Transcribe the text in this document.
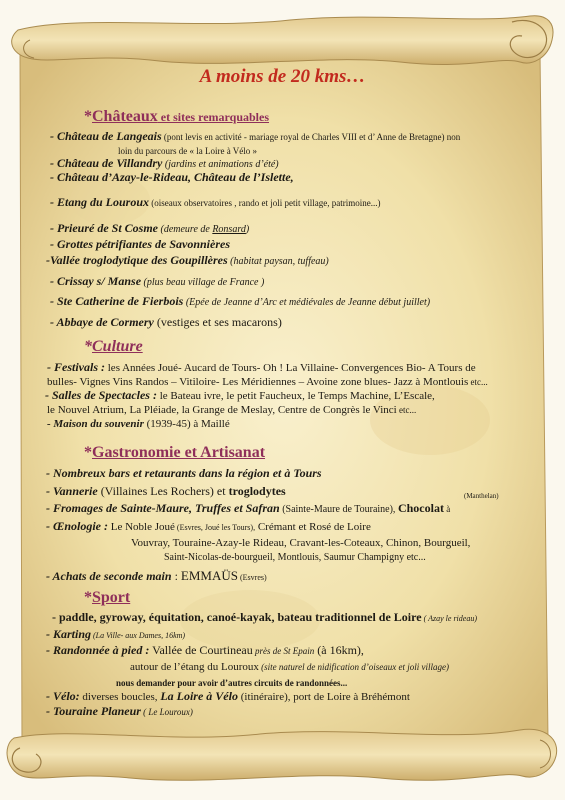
A moins de 20 kms…
*Châteaux et sites remarquables
- Château de Langeais (pont levis en activité - mariage royal de Charles VIII et d’ Anne de Bretagne) non
loin du parcours de « la Loire à Vélo »
- Château de Villandry (jardins et animations d’été)
- Château d’Azay-le-Rideau, Château de l’Islette,
- Etang du Louroux (oiseaux observatoires , rando et joli petit village, patrimoine...)
- Prieuré de St Cosme (demeure de Ronsard)
- Grottes pétrifiantes de Savonnières
-Vallée troglodytique des Goupillères (habitat paysan, tuffeau)
- Crissay s/ Manse (plus beau village de France )
- Ste Catherine de Fierbois (Epée de Jeanne d’Arc et médiévales de Jeanne début juillet)
- Abbaye de Cormery (vestiges et ses macarons)
*Culture
- Festivals : les Années Joué- Aucard de Tours- Oh ! La Villaine- Convergences Bio- A Tours de
bulles- Vignes Vins Randos – Vitiloire- Les Méridiennes – Avoine zone blues- Jazz à Montlouis etc...
- Salles de Spectacles : le Bateau ivre, le petit Faucheux, le Temps Machine, L’Escale,
le Nouvel Atrium, La Pléiade, la Grange de Meslay, Centre de Congrès le Vinci etc...
- Maison du souvenir (1939-45) à Maillé
*Gastronomie et Artisanat
- Nombreux bars et retaurants dans la région et à Tours
- Vannerie (Villaines Les Rochers) et troglodytes	(Manthelan)
- Fromages de Sainte-Maure, Truffes et Safran (Sainte-Maure de Touraine), Chocolat à
- Œnologie : Le Noble Joué (Esvres, Joué les Tours), Crémant et Rosé de Loire
Vouvray, Touraine-Azay-le Rideau, Cravant-les-Coteaux, Chinon, Bourgueil,
Saint-Nicolas-de-bourgueil, Montlouis, Saumur Champigny etc...
- Achats de seconde main : EMMAÜS (Esvres)
*Sport
- paddle, gyroway, équitation, canoé-kayak, bateau traditionnel de Loire ( Azay le rideau)
- Karting (La Ville- aux Dames, 16km)
- Randonnée à pied : Vallée de Courtineau près de St Epain (à 16km),
autour de l’étang du Louroux (site naturel de nidification d’oiseaux et joli village)
nous demander pour avoir d’autres circuits de randonnées...
- Vélo: diverses boucles, La Loire à Vélo (itinéraire), port de Loire à Bréhémont
- Touraine Planeur ( Le Louroux)
